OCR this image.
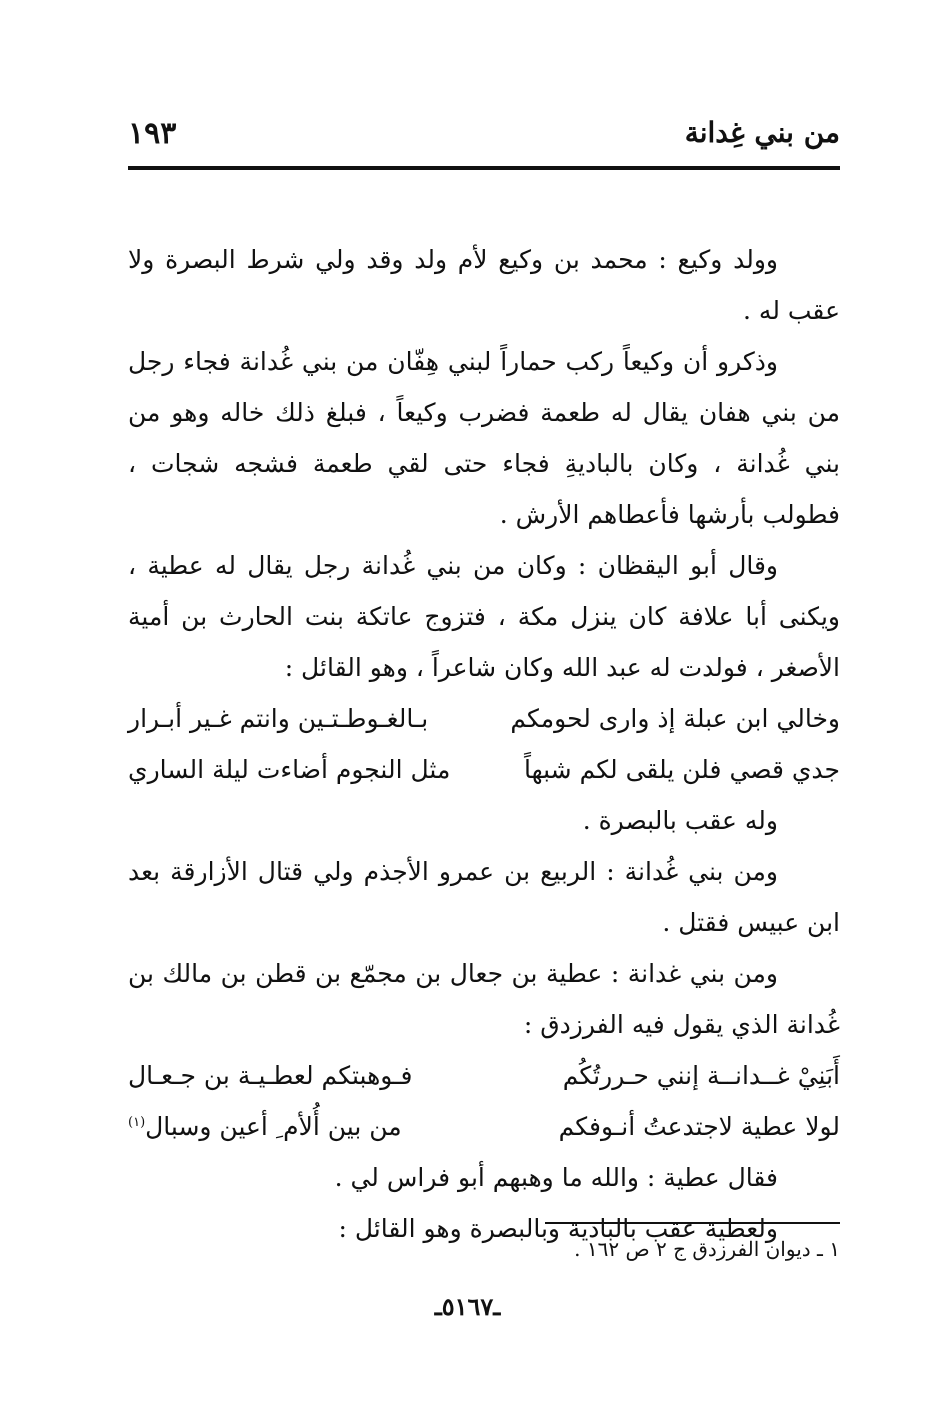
من بني غِدانة
١٩٣

وولد وكيع : محمد بن وكيع لأم ولد وقد ولي شرط البصرة ولا عقب له .

وذكرو أن وكيعاً ركب حماراً لبني هِفّان من بني غُدانة فجاء رجل من بني هفان يقال له طعمة فضرب وكيعاً ، فبلغ ذلك خاله وهو من بني غُدانة ، وكان بالباديةِ فجاء حتى لقي طعمة فشجه شجات ، فطولب بأرشها فأعطاهم الأرش .

وقال أبو اليقظان : وكان من بني غُدانة رجل يقال له عطية ، ويكنى أبا علافة كان ينزل مكة ، فتزوج عاتكة بنت الحارث بن أمية الأصغر ، فولدت له عبد الله وكان شاعراً ، وهو القائل :

وخالي ابن عبلة إذ وارى لحومكم
بـالغـوطـتـين وانتم غـير أبـرار
جدي قصي فلن يلقى لكم شبهاً
مثل النجوم أضاءت ليلة الساري

وله عقب بالبصرة .

ومن بني غُدانة : الربيع بن عمرو الأجذم ولي قتال الأزارقة بعد ابن عبيس فقتل .

ومن بني غدانة : عطية بن جعال بن مجمّع بن قطن بن مالك بن غُدانة الذي يقول فيه الفرزدق :

أَبَنِيْ غــدانــة إنني حـررتُكُم
فـوهبتكم لعطـيـة بن جـعـال
لولا عطية لاجتدعتُ أنـوفكم
من بين أُلأم ِ أعين وسبال(١)

فقال عطية : والله ما وهبهم أبو فراس لي .

ولعطية عقب بالبادية وبالبصرة وهو القائل :

١ ـ ديوان الفرزدق ج ٢ ص ١٦٢ .
ـ٥١٦٧ـ
